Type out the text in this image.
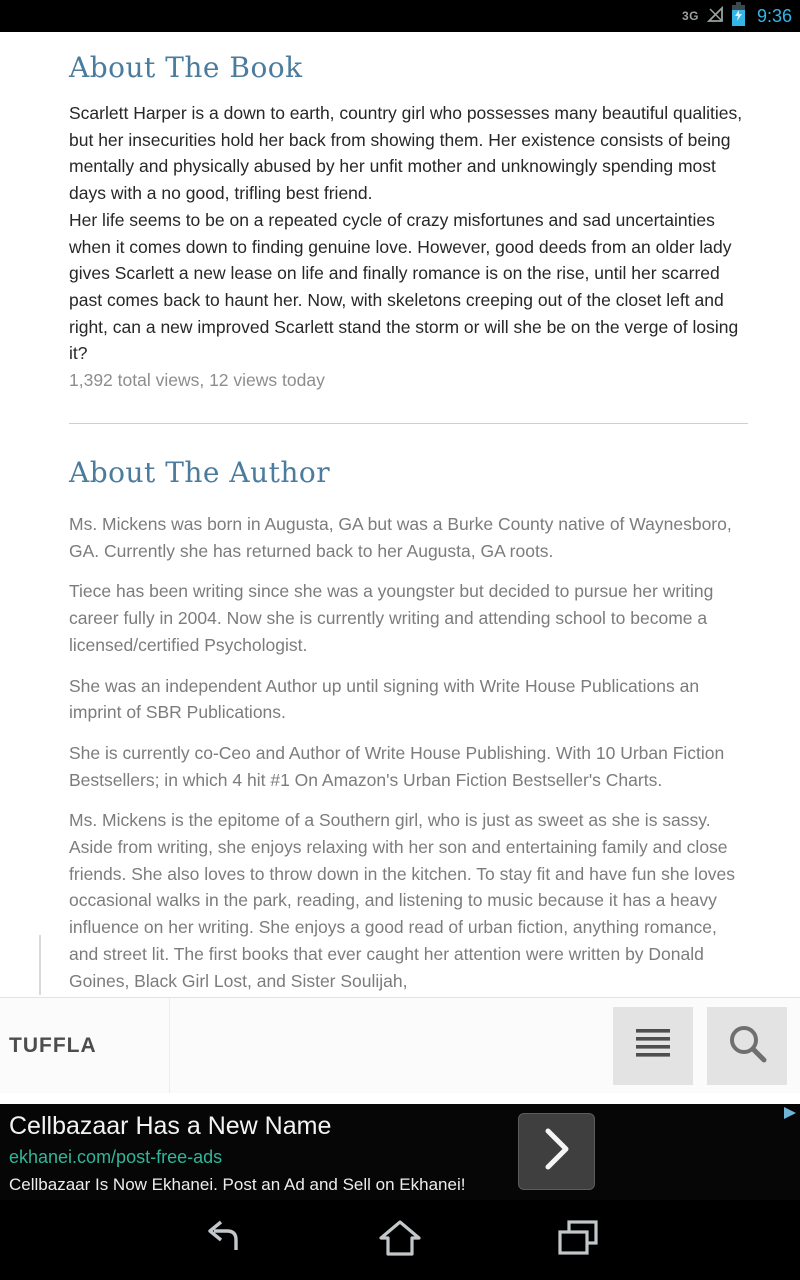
3G	9:36
About The Book

Scarlett Harper is a down to earth, country girl who possesses many beautiful qualities, but her insecurities hold her back from showing them. Her existence consists of being mentally and physically abused by her unfit mother and unknowingly spending most days with a no good, trifling best friend.

Her life seems to be on a repeated cycle of crazy misfortunes and sad uncertainties when it comes down to finding genuine love. However, good deeds from an older lady gives Scarlett a new lease on life and finally romance is on the rise, until her scarred past comes back to haunt her. Now, with skeletons creeping out of the closet left and right, can a new improved Scarlett stand the storm or will she be on the verge of losing it?

1,392 total views, 12 views today
About The Author

Ms. Mickens was born in Augusta, GA but was a Burke County native of Waynesboro, GA. Currently she has returned back to her Augusta, GA roots.

Tiece has been writing since she was a youngster but decided to pursue her writing career fully in 2004. Now she is currently writing and attending school to become a licensed/certified Psychologist.

She was an independent Author up until signing with Write House Publications an imprint of SBR Publications.

She is currently co-Ceo and Author of Write House Publishing. With 10 Urban Fiction Bestsellers; in which 4 hit #1 On Amazon's Urban Fiction Bestseller's Charts.

Ms. Mickens is the epitome of a Southern girl, who is just as sweet as she is sassy. Aside from writing, she enjoys relaxing with her son and entertaining family and close friends. She also loves to throw down in the kitchen. To stay fit and have fun she loves occasional walks in the park, reading, and listening to music because it has a heavy influence on her writing. She enjoys a good read of urban fiction, anything romance, and street lit. The first books that ever caught her attention were written by Donald Goines, Black Girl Lost, and Sister Soulijah,

TUFFLA
Cellbazaar Has a New Name
ekhanei.com/post-free-ads
Cellbazaar Is Now Ekhanei. Post an Ad and Sell on Ekhanei!
